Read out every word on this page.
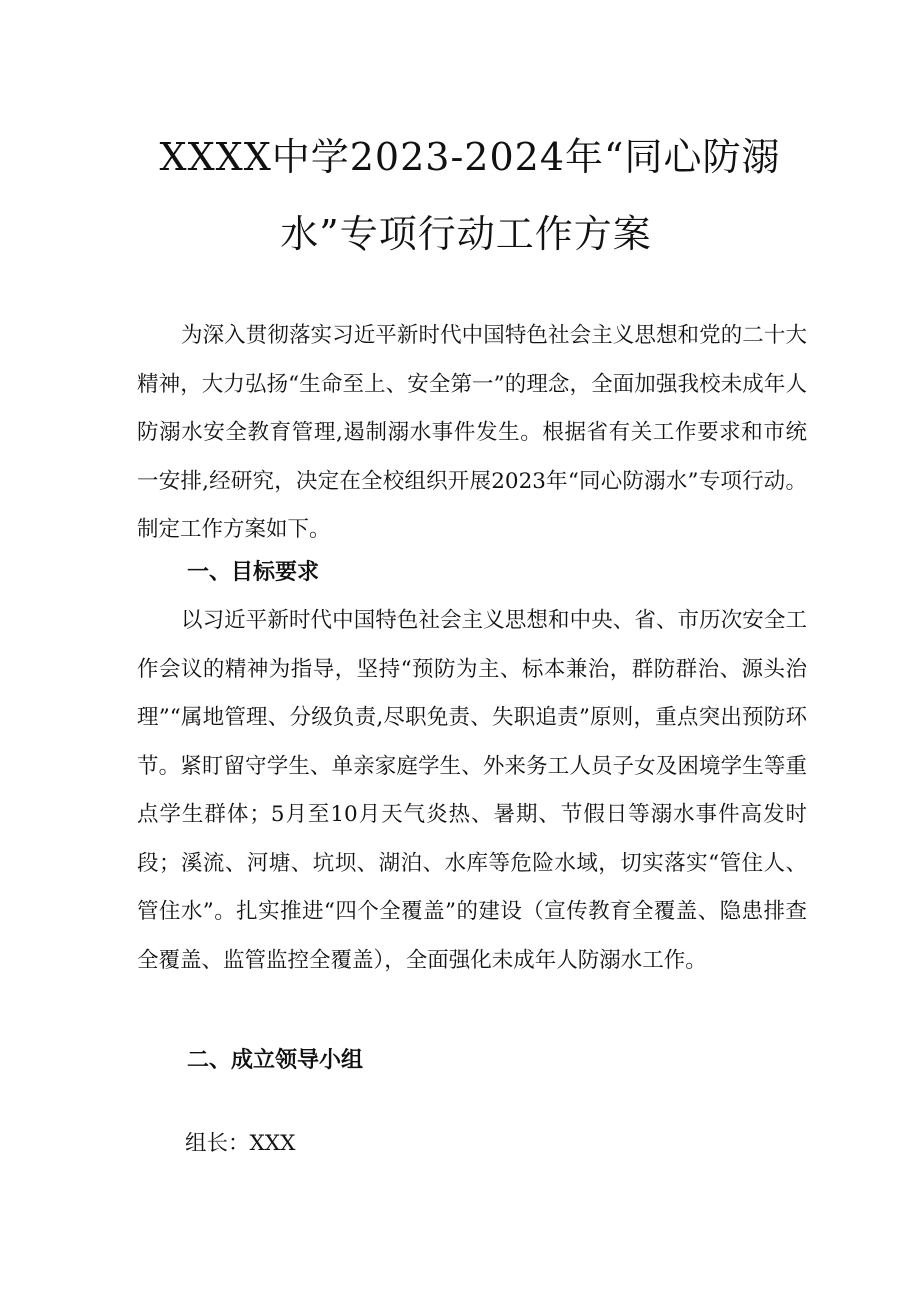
XXXX中学2023-2024年“同心防溺
水”专项行动工作方案

为深入贯彻落实习近平新时代中国特色社会主义思想和党的二十大精神，大力弘扬“生命至上、安全第一”的理念，全面加强我校未成年人防溺水安全教育管理,遏制溺水事件发生。根据省有关工作要求和市统一安排,经研究，决定在全校组织开展2023年“同心防溺水”专项行动。制定工作方案如下。

一、目标要求

以习近平新时代中国特色社会主义思想和中央、省、市历次安全工作会议的精神为指导，坚持“预防为主、标本兼治，群防群治、源头治理”“属地管理、分级负责,尽职免责、失职追责”原则，重点突出预防环节。紧盯留守学生、单亲家庭学生、外来务工人员子女及困境学生等重点学生群体；5月至10月天气炎热、暑期、节假日等溺水事件高发时段；溪流、河塘、坑坝、湖泊、水库等危险水域，切实落实“管住人、管住水”。扎实推进“四个全覆盖”的建设（宣传教育全覆盖、隐患排查全覆盖、监管监控全覆盖），全面强化未成年人防溺水工作。

二、成立领导小组
组长：XXX
